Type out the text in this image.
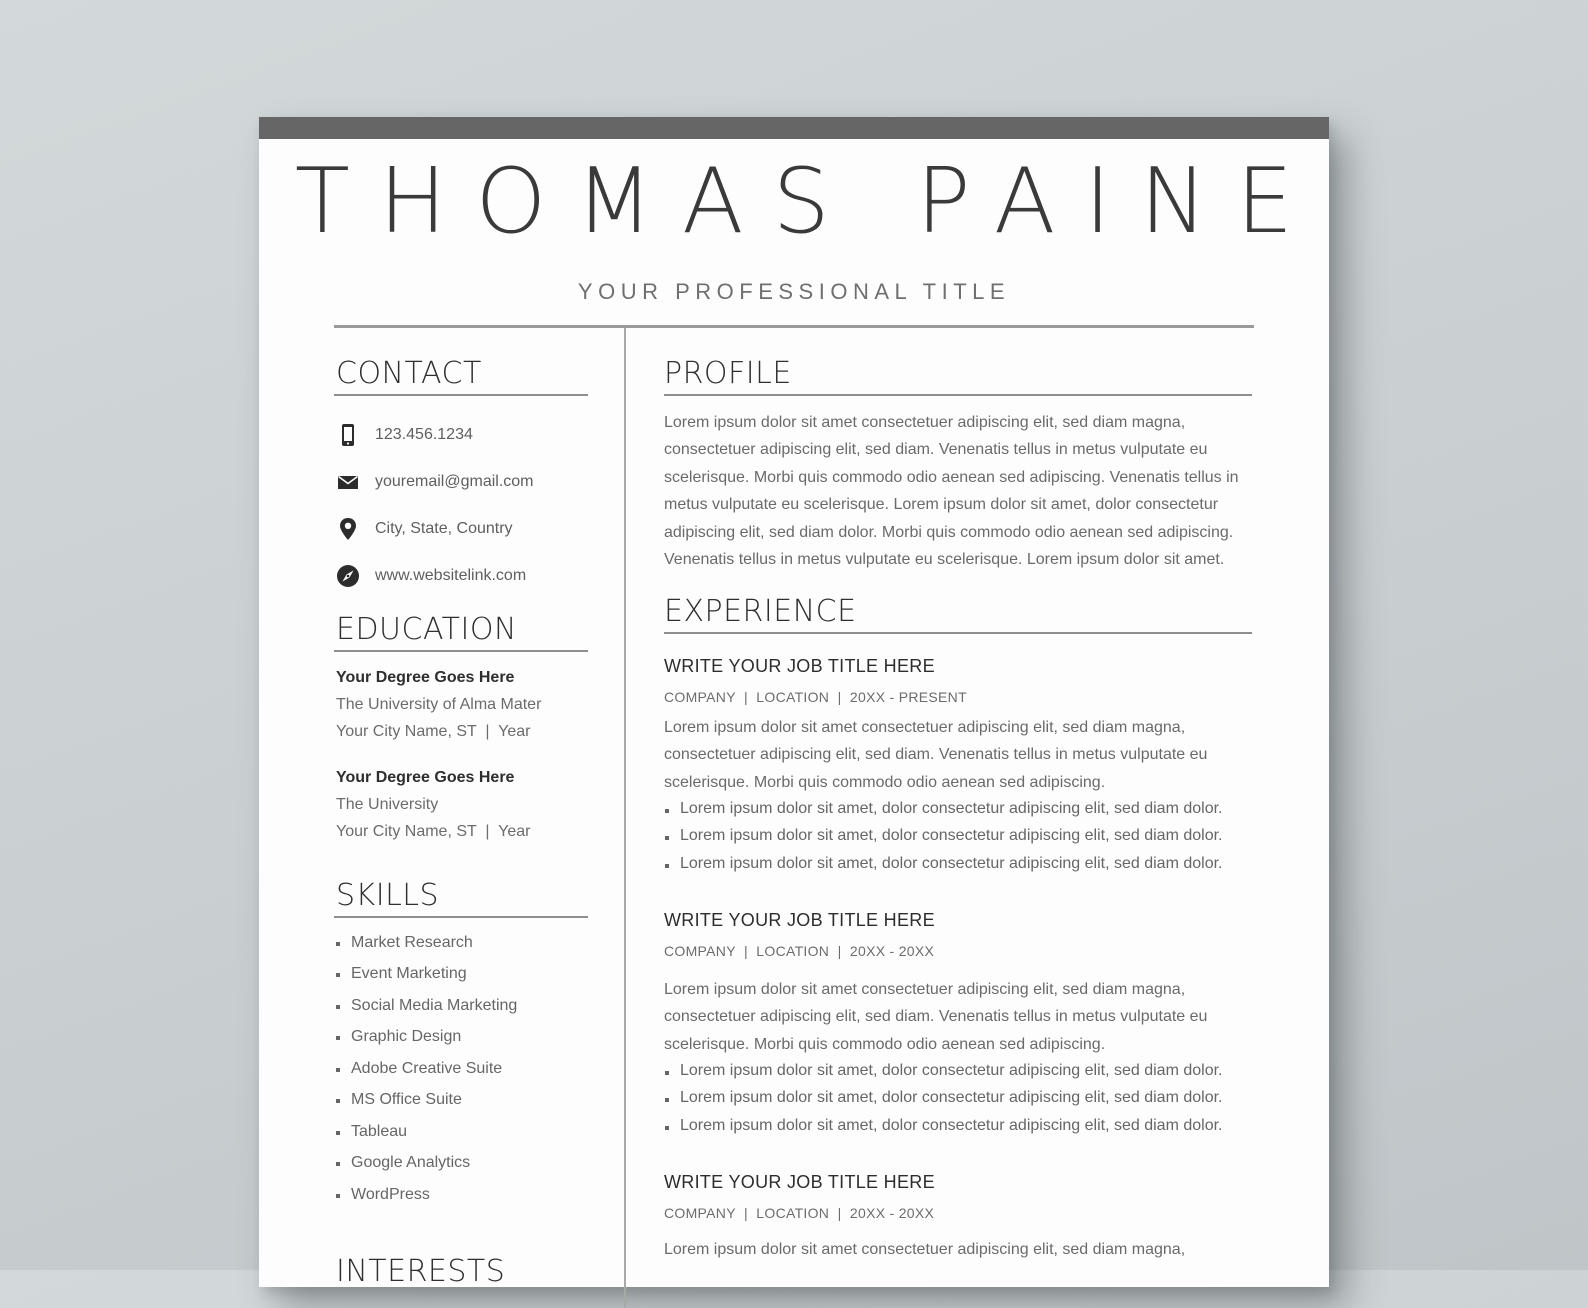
THOMAS PAINE
YOUR PROFESSIONAL TITLE
CONTACT
123.456.1234
youremail@gmail.com
City, State, Country
www.websitelink.com
EDUCATION
Your Degree Goes Here
The University of Alma Mater
Your City Name, ST  |  Year
Your Degree Goes Here
The University
Your City Name, ST  |  Year
SKILLS
Market Research
Event Marketing
Social Media Marketing
Graphic Design
Adobe Creative Suite
MS Office Suite
Tableau
Google Analytics
WordPress
INTERESTS
PROFILE
Lorem ipsum dolor sit amet consectetuer adipiscing elit, sed diam magna,
consectetuer adipiscing elit, sed diam. Venenatis tellus in metus vulputate eu
scelerisque. Morbi quis commodo odio aenean sed adipiscing. Venenatis tellus in
metus vulputate eu scelerisque. Lorem ipsum dolor sit amet, dolor consectetur
adipiscing elit, sed diam dolor. Morbi quis commodo odio aenean sed adipiscing.
Venenatis tellus in metus vulputate eu scelerisque. Lorem ipsum dolor sit amet.
EXPERIENCE
WRITE YOUR JOB TITLE HERE
COMPANY  |  LOCATION  |  20XX - PRESENT
Lorem ipsum dolor sit amet consectetuer adipiscing elit, sed diam magna,
consectetuer adipiscing elit, sed diam. Venenatis tellus in metus vulputate eu
scelerisque. Morbi quis commodo odio aenean sed adipiscing.
Lorem ipsum dolor sit amet, dolor consectetur adipiscing elit, sed diam dolor.
Lorem ipsum dolor sit amet, dolor consectetur adipiscing elit, sed diam dolor.
Lorem ipsum dolor sit amet, dolor consectetur adipiscing elit, sed diam dolor.
WRITE YOUR JOB TITLE HERE
COMPANY  |  LOCATION  |  20XX - 20XX
Lorem ipsum dolor sit amet consectetuer adipiscing elit, sed diam magna,
consectetuer adipiscing elit, sed diam. Venenatis tellus in metus vulputate eu
scelerisque. Morbi quis commodo odio aenean sed adipiscing.
Lorem ipsum dolor sit amet, dolor consectetur adipiscing elit, sed diam dolor.
Lorem ipsum dolor sit amet, dolor consectetur adipiscing elit, sed diam dolor.
Lorem ipsum dolor sit amet, dolor consectetur adipiscing elit, sed diam dolor.
WRITE YOUR JOB TITLE HERE
COMPANY  |  LOCATION  |  20XX - 20XX
Lorem ipsum dolor sit amet consectetuer adipiscing elit, sed diam magna,
